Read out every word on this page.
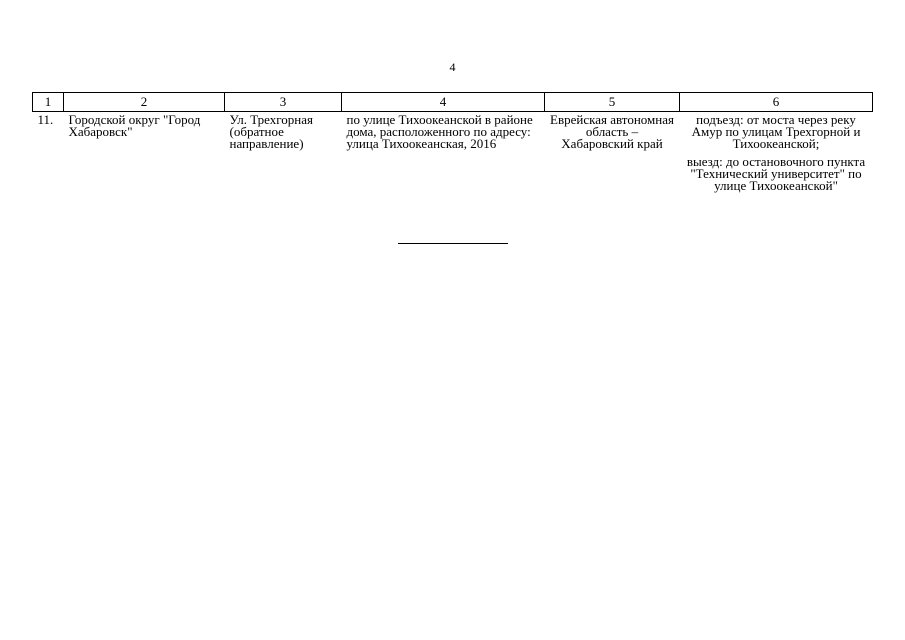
4
1	2	3	4	5	6
11.	Городской округ "Город Хабаровск"	Ул. Трехгорная (обратное направление)	по улице Тихоокеанской в районе дома, расположенного по адресу: улица Тихоокеанская, 2016	Еврейская автономная область – Хабаровский край	подъезд: от моста через реку Амур по улицам Трехгорной и Тихоокеанской;
выезд: до остановочного пункта "Технический университет" по улице Тихоокеанской"
